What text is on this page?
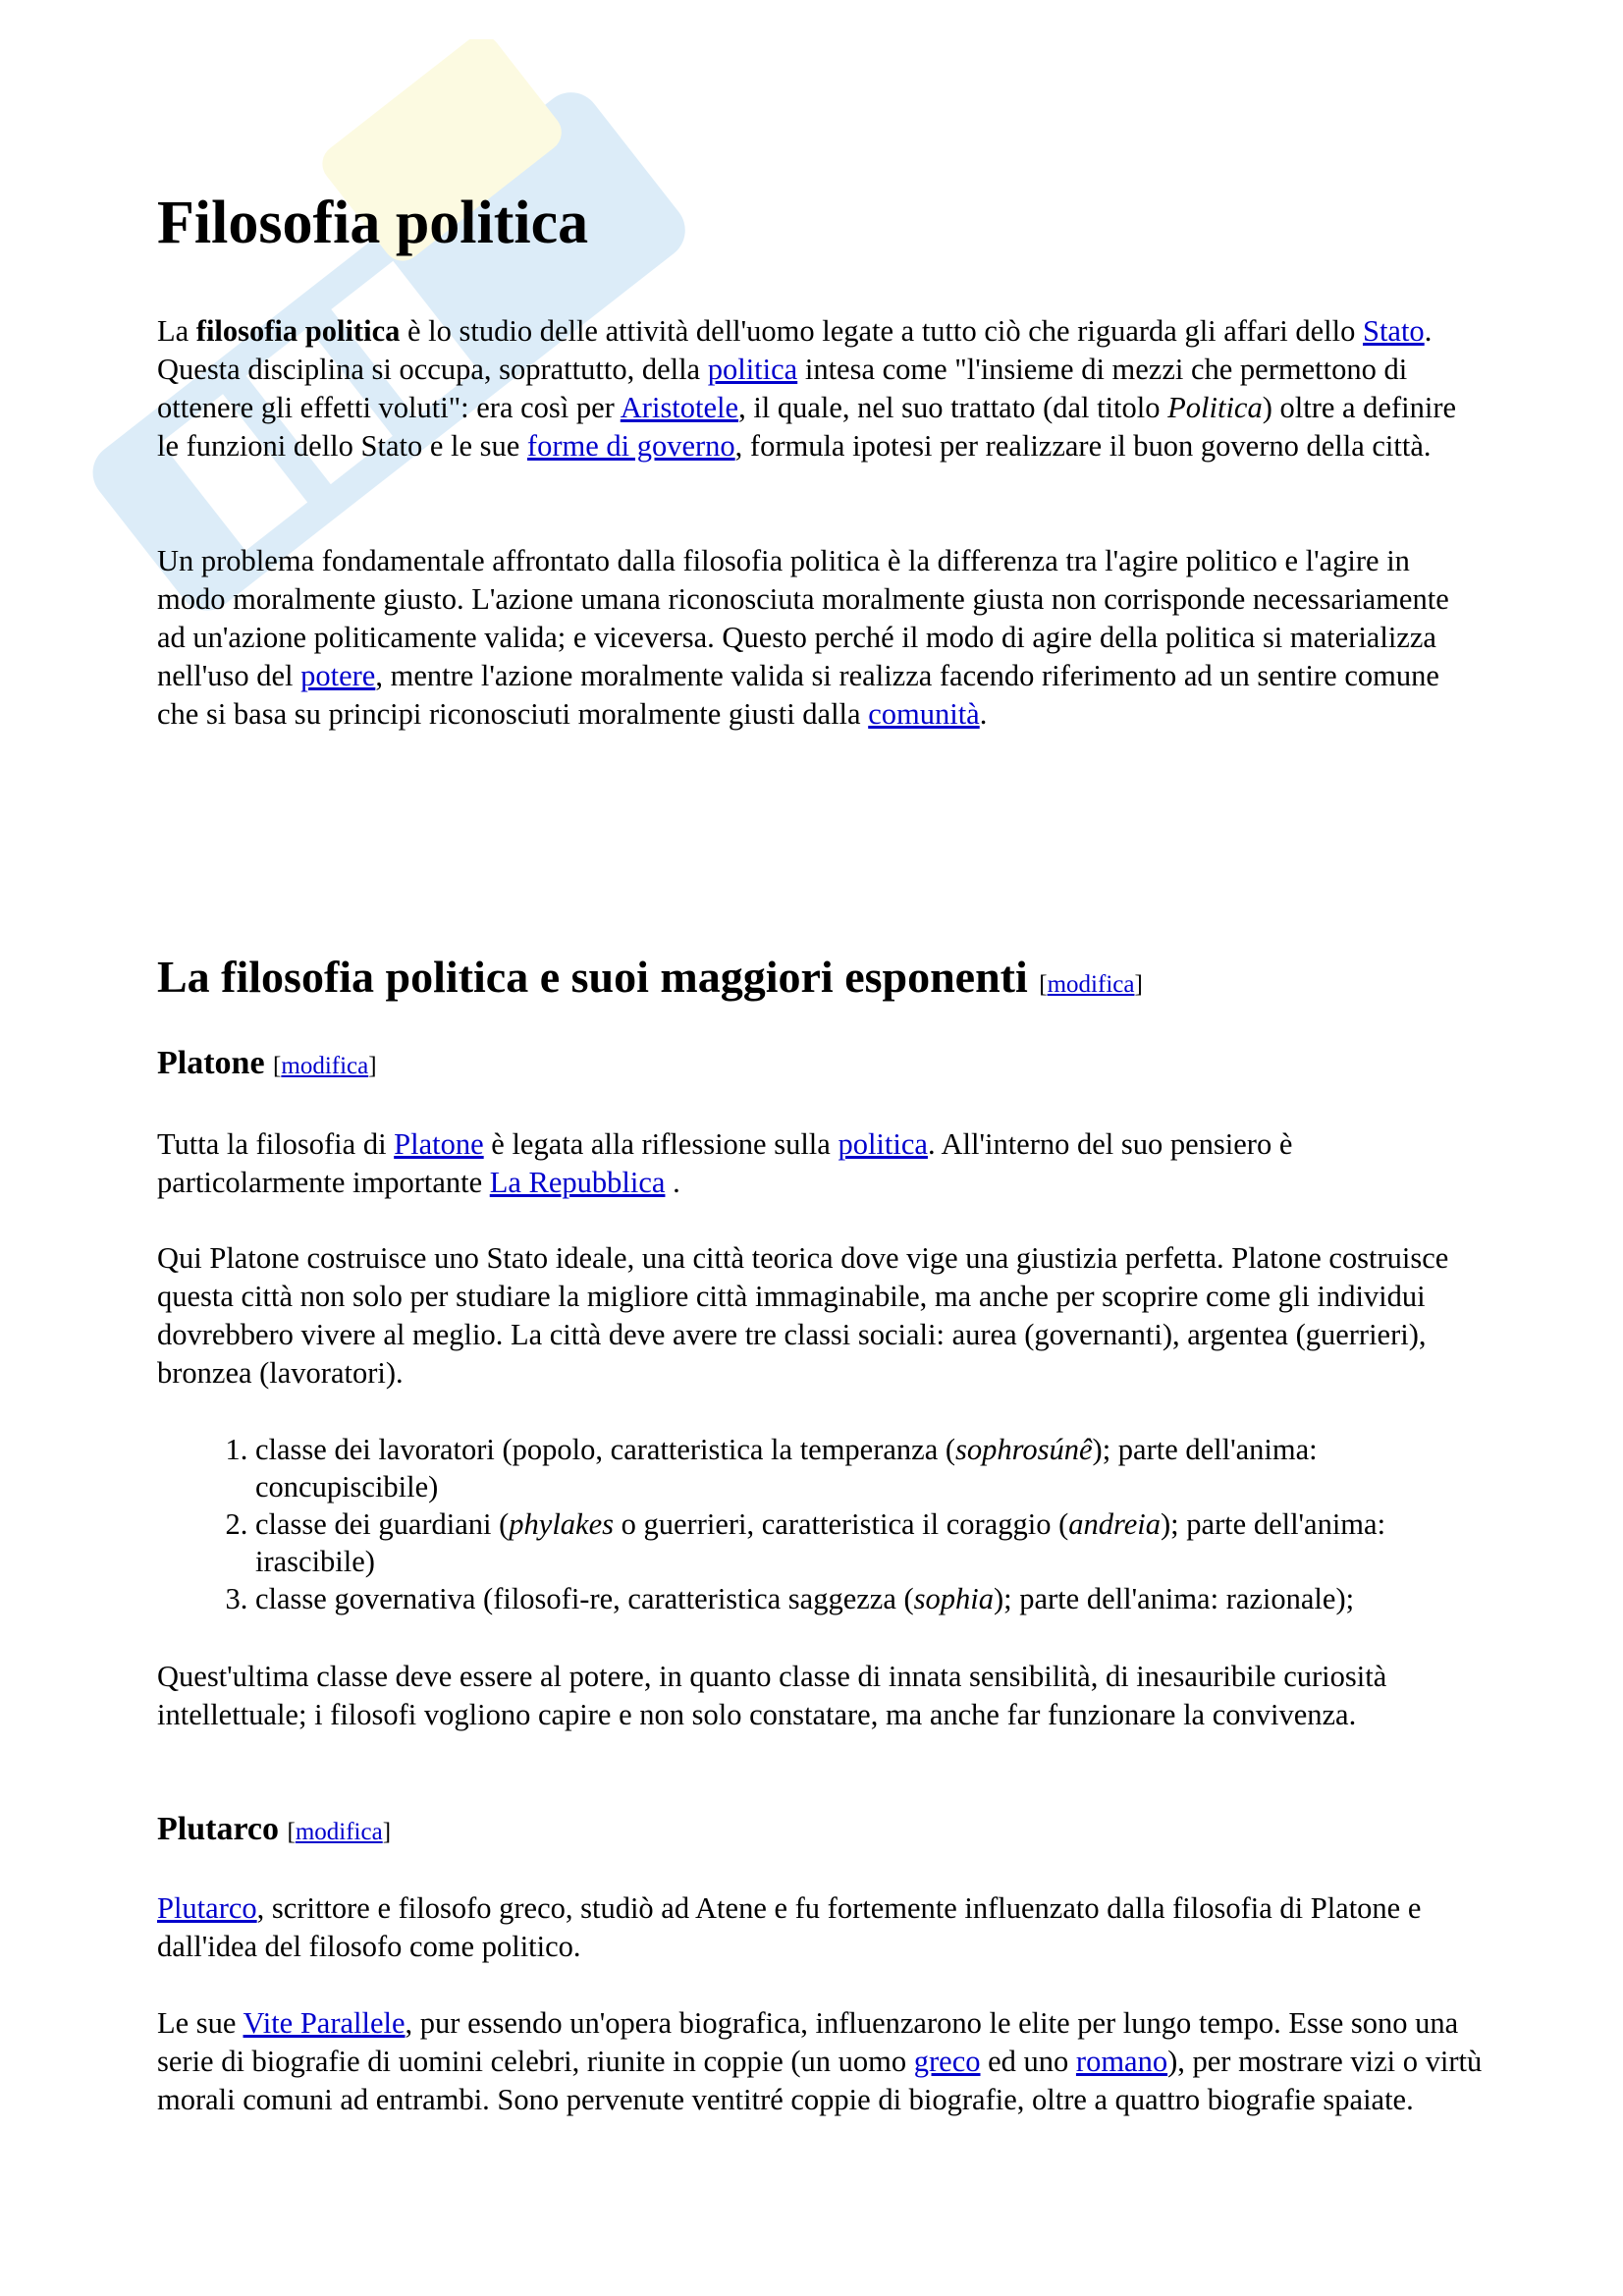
Filosofia politica

La filosofia politica è lo studio delle attività dell'uomo legate a tutto ciò che riguarda gli affari dello Stato. Questa disciplina si occupa, soprattutto, della politica intesa come "l'insieme di mezzi che permettono di ottenere gli effetti voluti": era così per Aristotele, il quale, nel suo trattato (dal titolo Politica) oltre a definire le funzioni dello Stato e le sue forme di governo, formula ipotesi per realizzare il buon governo della città.

Un problema fondamentale affrontato dalla filosofia politica è la differenza tra l'agire politico e l'agire in modo moralmente giusto. L'azione umana riconosciuta moralmente giusta non corrisponde necessariamente ad un'azione politicamente valida; e viceversa. Questo perché il modo di agire della politica si materializza nell'uso del potere, mentre l'azione moralmente valida si realizza facendo riferimento ad un sentire comune che si basa su principi riconosciuti moralmente giusti dalla comunità.

La filosofia politica e suoi maggiori esponenti [modifica]
Platone [modifica]

Tutta la filosofia di Platone è legata alla riflessione sulla politica. All'interno del suo pensiero è particolarmente importante La Repubblica .

Qui Platone costruisce uno Stato ideale, una città teorica dove vige una giustizia perfetta. Platone costruisce questa città non solo per studiare la migliore città immaginabile, ma anche per scoprire come gli individui dovrebbero vivere al meglio. La città deve avere tre classi sociali: aurea (governanti), argentea (guerrieri), bronzea (lavoratori).

1. classe dei lavoratori (popolo, caratteristica la temperanza (sophrosúnê); parte dell'anima: concupiscibile)
2. classe dei guardiani (phylakes o guerrieri, caratteristica il coraggio (andreia); parte dell'anima: irascibile)
3. classe governativa (filosofi-re, caratteristica saggezza (sophia); parte dell'anima: razionale);

Quest'ultima classe deve essere al potere, in quanto classe di innata sensibilità, di inesauribile curiosità intellettuale; i filosofi vogliono capire e non solo constatare, ma anche far funzionare la convivenza.

Plutarco [modifica]

Plutarco, scrittore e filosofo greco, studiò ad Atene e fu fortemente influenzato dalla filosofia di Platone e dall'idea del filosofo come politico.

Le sue Vite Parallele, pur essendo un'opera biografica, influenzarono le elite per lungo tempo. Esse sono una serie di biografie di uomini celebri, riunite in coppie (un uomo greco ed uno romano), per mostrare vizi o virtù morali comuni ad entrambi. Sono pervenute ventitré coppie di biografie, oltre a quattro biografie spaiate.
